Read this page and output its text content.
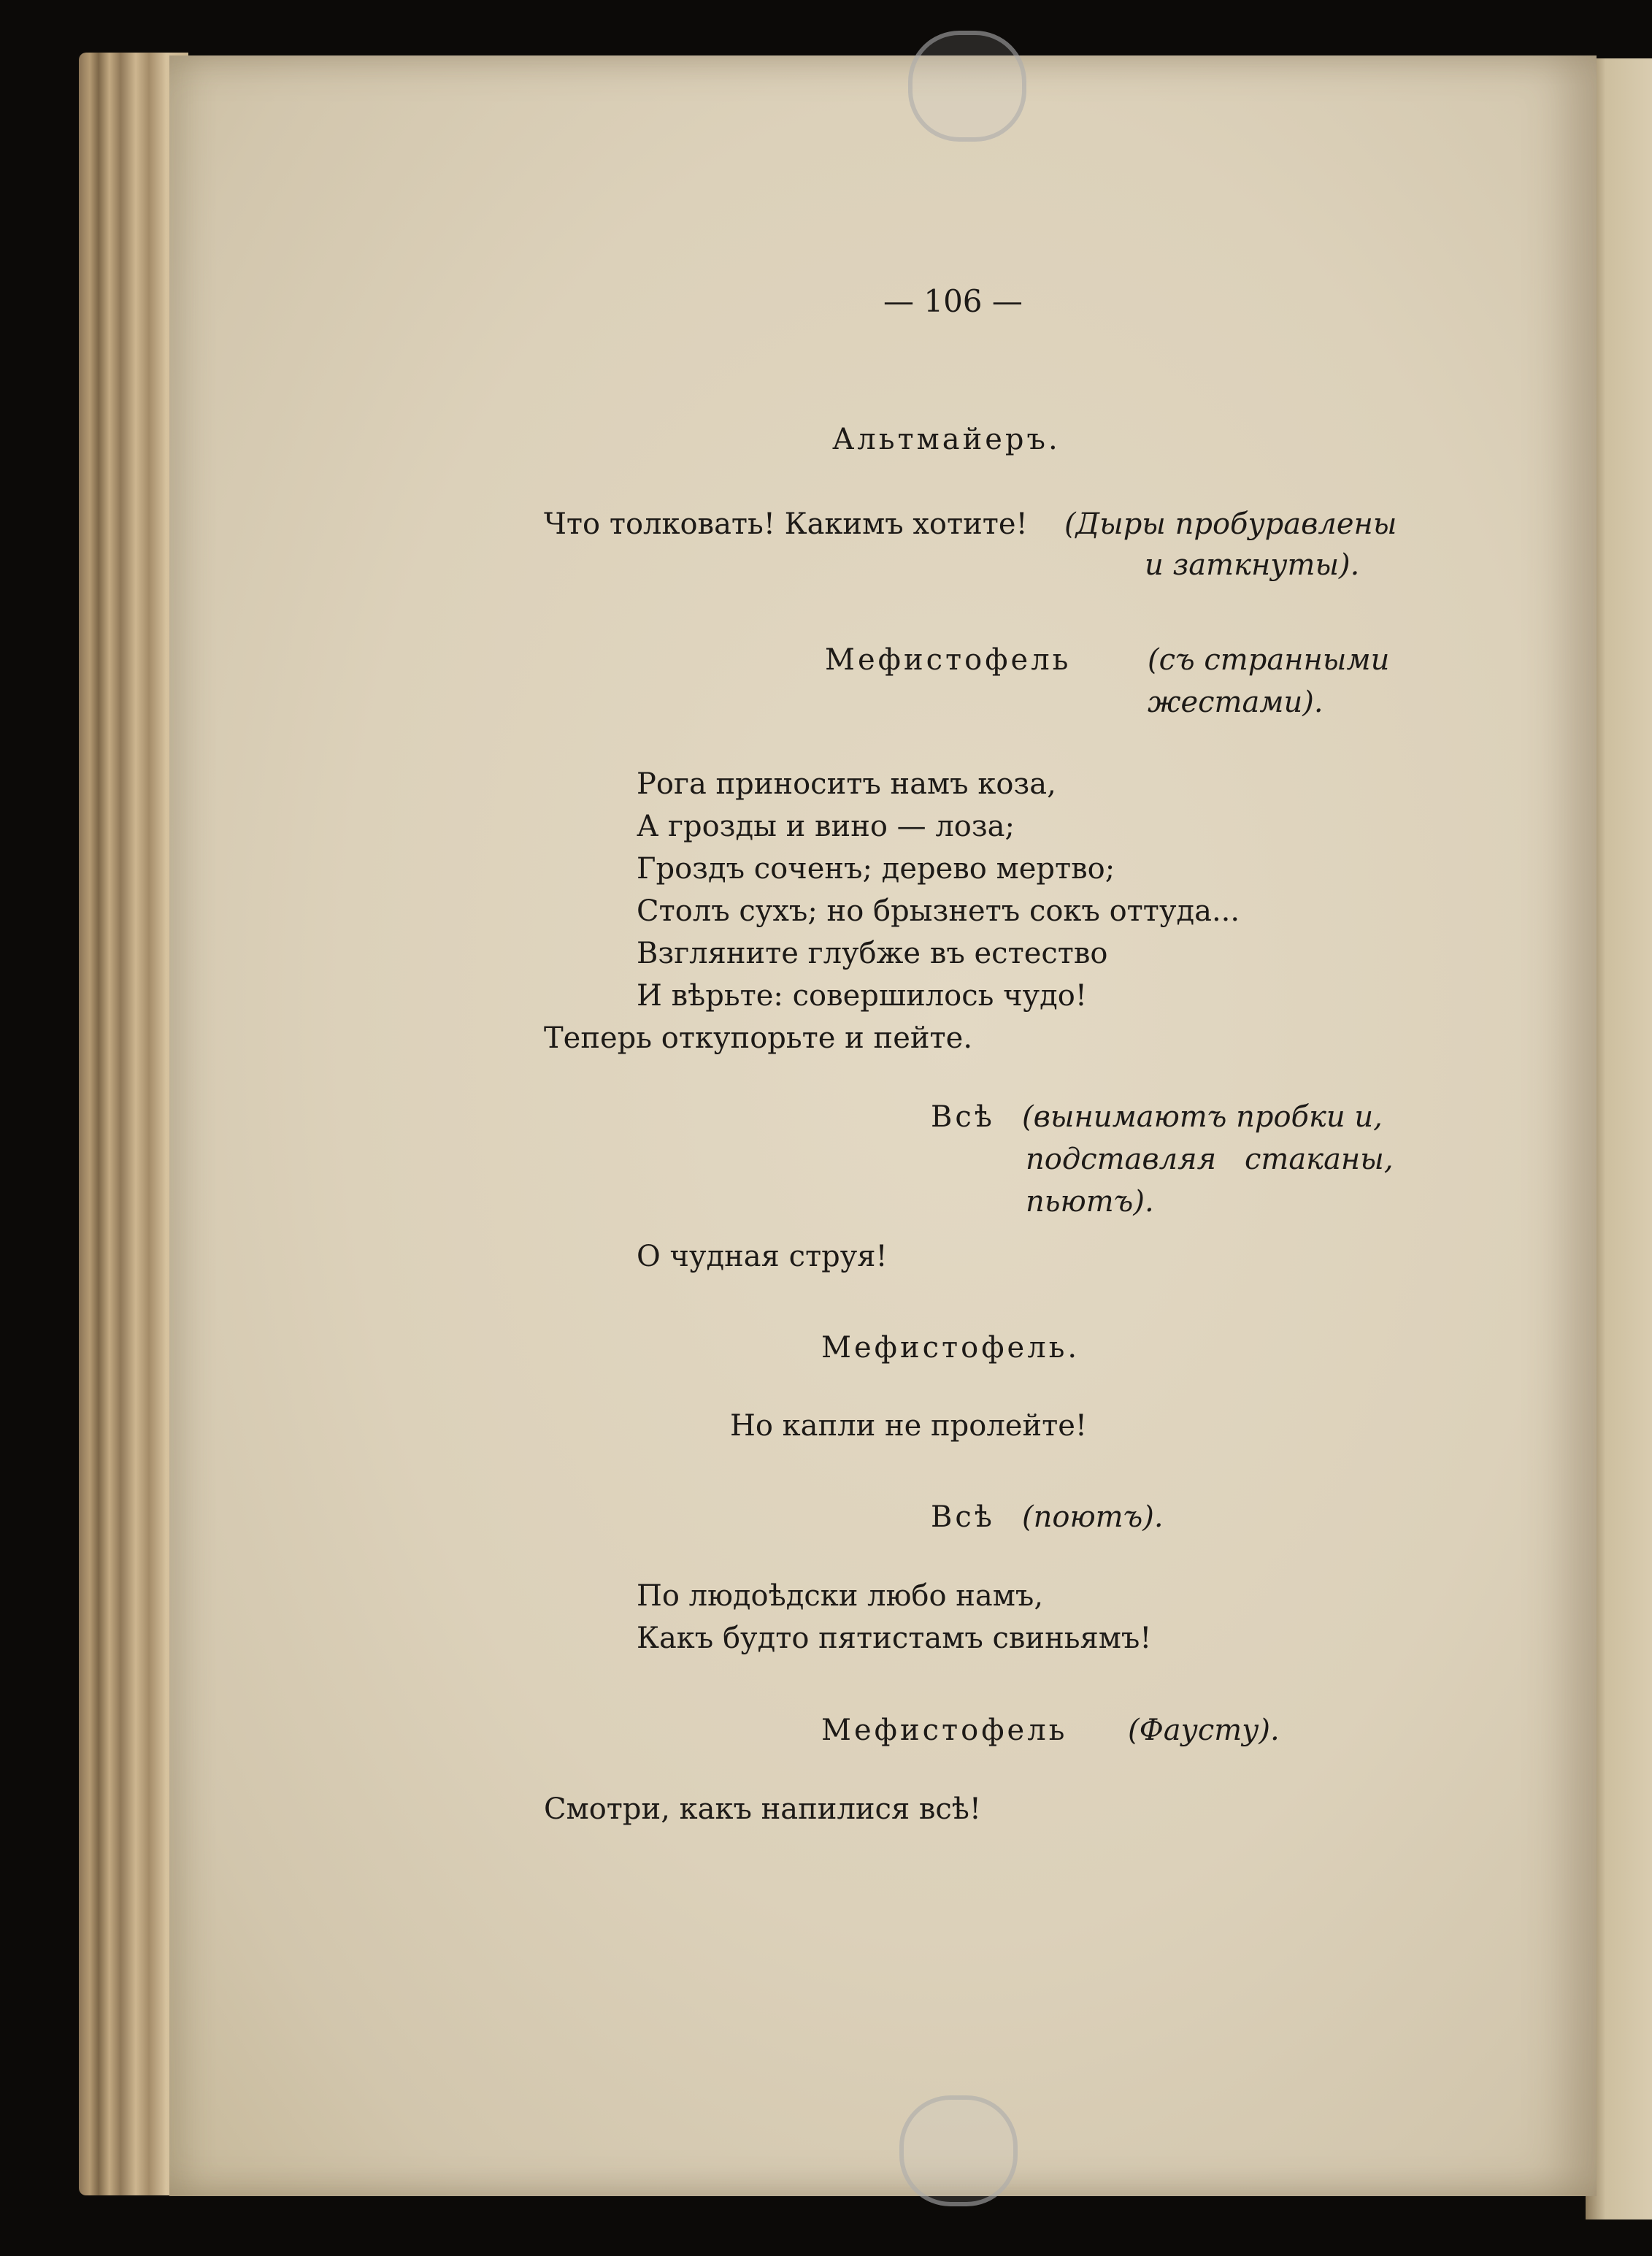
— 106 —
Альтмайеръ.
Что толковать! Какимъ хотите! (Дыры пробуравлены
и заткнуты).
Мефистофель	(съ странными
жестами).
Рога приноситъ намъ коза,
А грозды и вино — лоза;
Гроздъ соченъ; дерево мертво;
Столъ сухъ; но брызнетъ сокъ оттуда...
Взгляните глубже въ естество
И вѣрьте: совершилось чудо!
Теперь откупорьте и пейте.
Всѣ (вынимаютъ пробки и,
подставляя стаканы,
пьютъ).
О чудная струя!
Мефистофель.
Но капли не пролейте!
Всѣ (поютъ).
По людоѣдски любо намъ,
Какъ будто пятистамъ свиньямъ!
Мефистофель (Фаусту).
Смотри, какъ напилися всѣ!
